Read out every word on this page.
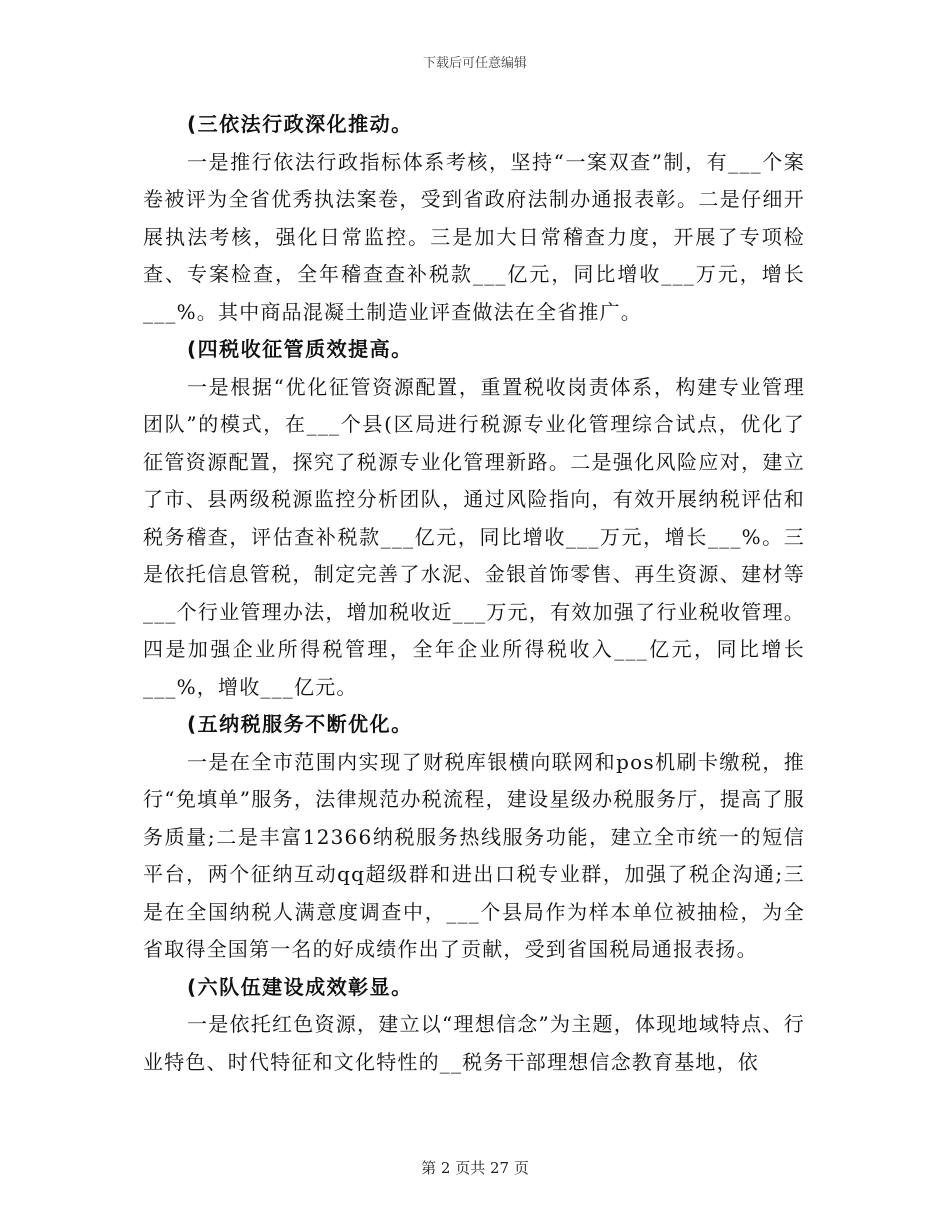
下载后可任意编辑

(三依法行政深化推动。

一是推行依法行政指标体系考核，坚持“一案双查”制，有___个案卷被评为全省优秀执法案卷，受到省政府法制办通报表彰。二是仔细开展执法考核，强化日常监控。三是加大日常稽查力度，开展了专项检查、专案检查，全年稽查查补税款___亿元，同比增收___万元，增长___%。其中商品混凝土制造业评查做法在全省推广。

(四税收征管质效提高。

一是根据“优化征管资源配置，重置税收岗责体系，构建专业管理团队”的模式，在___个县(区局进行税源专业化管理综合试点，优化了征管资源配置，探究了税源专业化管理新路。二是强化风险应对，建立了市、县两级税源监控分析团队，通过风险指向，有效开展纳税评估和税务稽查，评估查补税款___亿元，同比增收___万元，增长___%。三是依托信息管税，制定完善了水泥、金银首饰零售、再生资源、建材等___个行业管理办法，增加税收近___万元，有效加强了行业税收管理。四是加强企业所得税管理，全年企业所得税收入___亿元，同比增长___%，增收___亿元。

(五纳税服务不断优化。

一是在全市范围内实现了财税库银横向联网和pos机刷卡缴税，推行“免填单”服务，法律规范办税流程，建设星级办税服务厅，提高了服务质量;二是丰富12366纳税服务热线服务功能，建立全市统一的短信平台，两个征纳互动qq超级群和进出口税专业群，加强了税企沟通;三是在全国纳税人满意度调查中，___个县局作为样本单位被抽检，为全省取得全国第一名的好成绩作出了贡献，受到省国税局通报表扬。

(六队伍建设成效彰显。

一是依托红色资源，建立以“理想信念”为主题，体现地域特点、行业特色、时代特征和文化特性的__税务干部理想信念教育基地，依

第 2 页共 27 页
